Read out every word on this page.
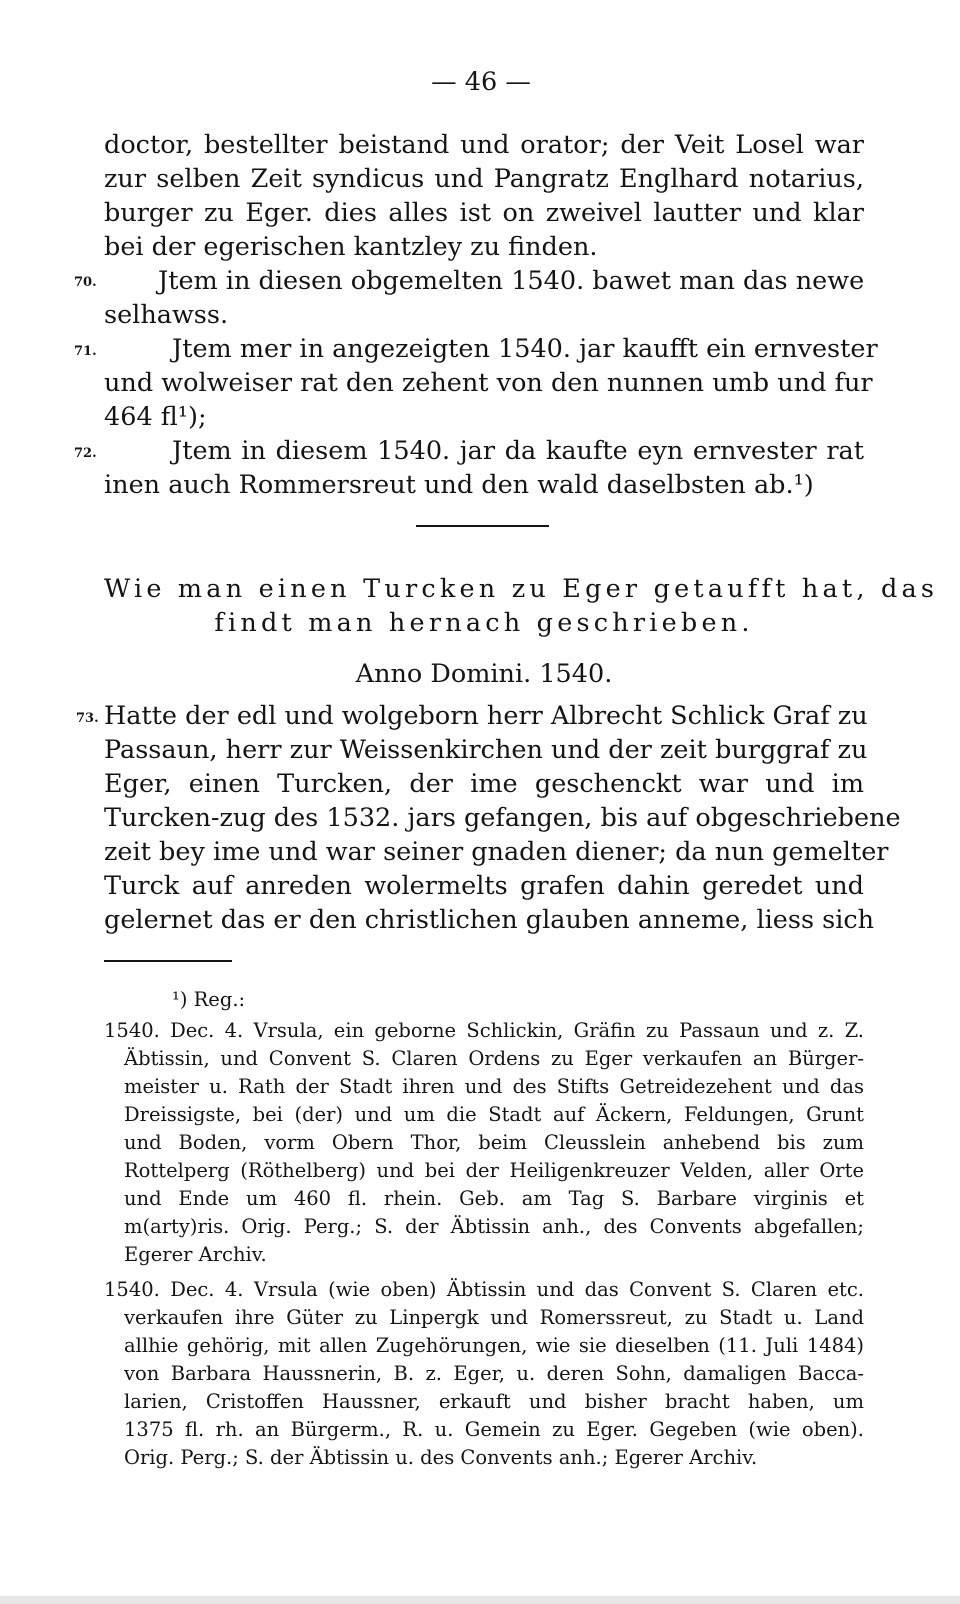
— 46 —
doctor, bestellter beistand und orator; der Veit Losel war
zur selben Zeit syndicus und Pangratz Englhard notarius,
burger zu Eger. dies alles ist on zweivel lautter und klar
bei der egerischen kantzley zu finden.
70. Jtem in diesen obgemelten 1540. bawet man das newe
selhawss.
71.	Jtem mer in angezeigten 1540. jar kaufft ein ernvester
und wolweiser rat den zehent von den nunnen umb und fur
464 fl¹);
72.	Jtem in diesem 1540. jar da kaufte eyn ernvester rat
inen auch Rommersreut und den wald daselbsten ab.¹)
Wie man einen Turcken zu Eger getaufft hat, das
findt man hernach geschrieben.
Anno Domini. 1540.
73. Hatte der edl und wolgeborn herr Albrecht Schlick Graf zu
Passaun, herr zur Weissenkirchen und der zeit burggraf zu
Eger, einen Turcken, der ime geschenckt war und im
Turcken-zug des 1532. jars gefangen, bis auf obgeschriebene
zeit bey ime und war seiner gnaden diener; da nun gemelter
Turck auf anreden wolermelts grafen dahin geredet und
gelernet das er den christlichen glauben anneme, liess sich
¹) Reg.:
1540. Dec. 4. Vrsula, ein geborne Schlickin, Gräfin zu Passaun und z. Z.
Äbtissin, und Convent S. Claren Ordens zu Eger verkaufen an Bürger-
meister u. Rath der Stadt ihren und des Stifts Getreidezehent und das
Dreissigste, bei (der) und um die Stadt auf Äckern, Feldungen, Grunt
und Boden, vorm Obern Thor, beim Cleusslein anhebend bis zum
Rottelperg (Röthelberg) und bei der Heiligenkreuzer Velden, aller Orte
und Ende um 460 fl. rhein. Geb. am Tag S. Barbare virginis et
m(arty)ris. Orig. Perg.; S. der Äbtissin anh., des Convents abgefallen;
Egerer Archiv.
1540. Dec. 4. Vrsula (wie oben) Äbtissin und das Convent S. Claren etc.
verkaufen ihre Güter zu Linpergk und Romerssreut, zu Stadt u. Land
allhie gehörig, mit allen Zugehörungen, wie sie dieselben (11. Juli 1484)
von Barbara Haussnerin, B. z. Eger, u. deren Sohn, damaligen Bacca-
larien, Cristoffen Haussner, erkauft und bisher bracht haben, um
1375 fl. rh. an Bürgerm., R. u. Gemein zu Eger. Gegeben (wie oben).
Orig. Perg.; S. der Äbtissin u. des Convents anh.; Egerer Archiv.
